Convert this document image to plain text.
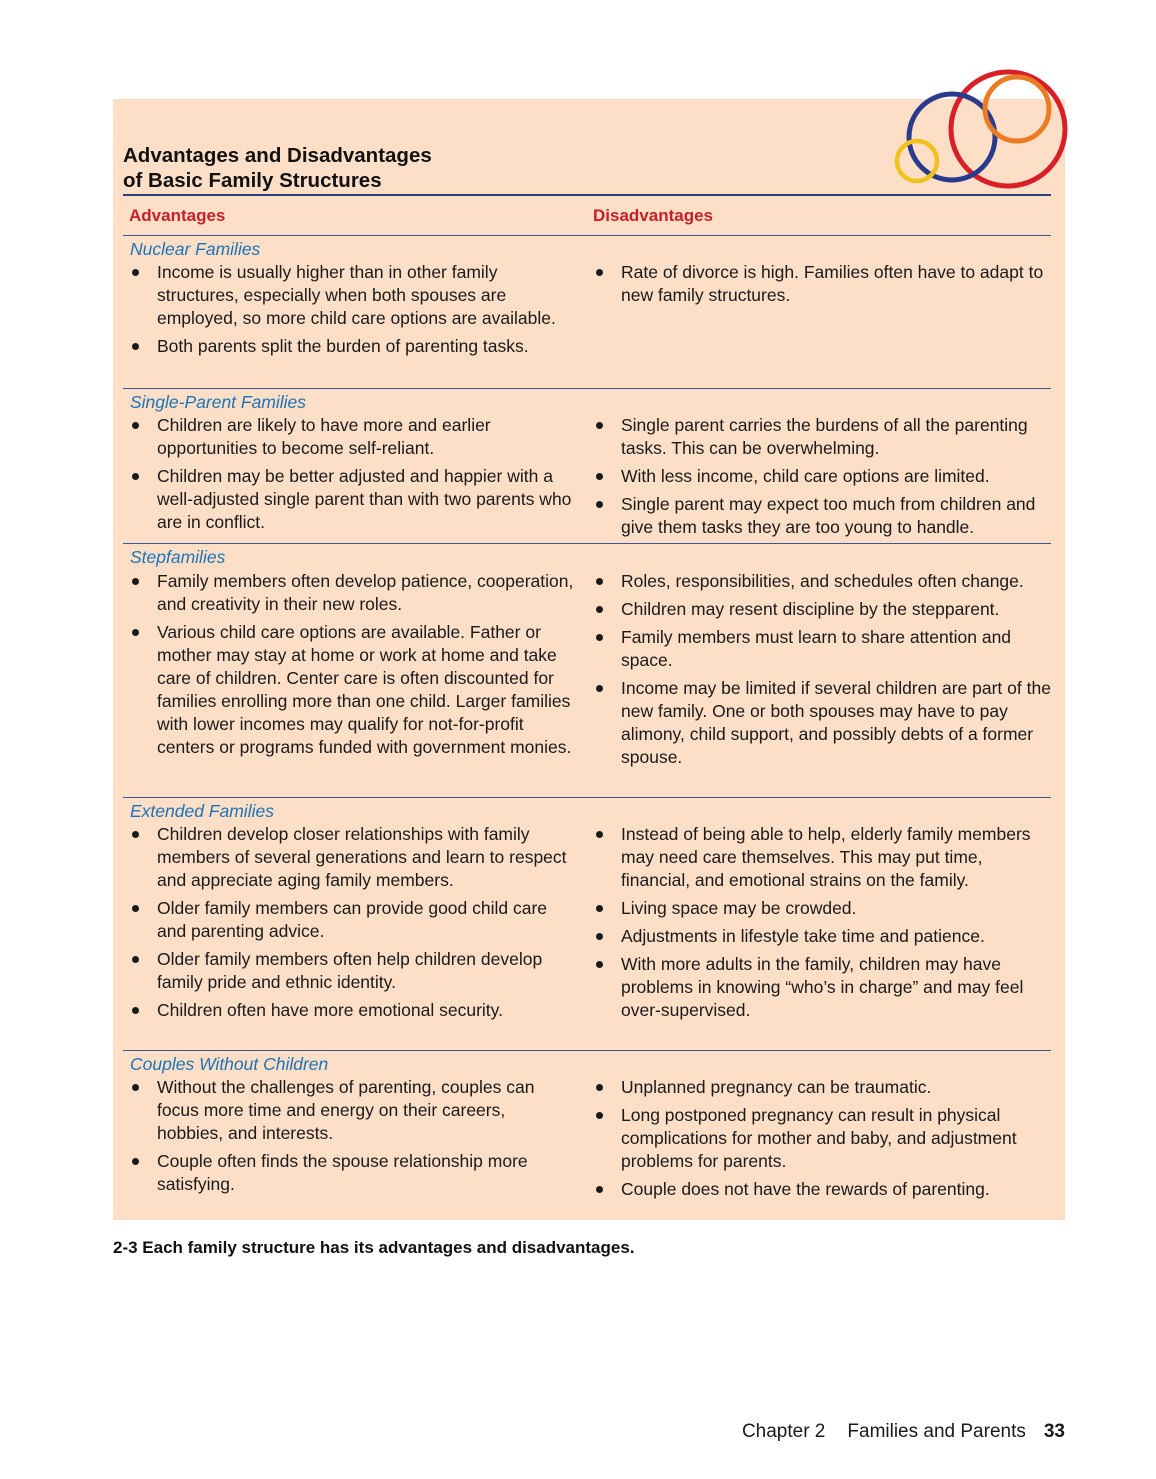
Advantages and Disadvantages
of Basic Family Structures
Advantages	Disadvantages
Nuclear Families
Income is usually higher than in other family structures, especially when both spouses are employed, so more child care options are available.
Both parents split the burden of parenting tasks.
Rate of divorce is high. Families often have to adapt to new family structures.
Single-Parent Families
Children are likely to have more and earlier opportunities to become self-reliant.
Children may be better adjusted and happier with a well-adjusted single parent than with two parents who are in conflict.
Single parent carries the burdens of all the parenting tasks. This can be overwhelming.
With less income, child care options are limited.
Single parent may expect too much from children and give them tasks they are too young to handle.
Stepfamilies
Family members often develop patience, cooperation, and creativity in their new roles.
Various child care options are available. Father or mother may stay at home or work at home and take care of children. Center care is often discounted for families enrolling more than one child. Larger families with lower incomes may qualify for not-for-profit centers or programs funded with government monies.
Roles, responsibilities, and schedules often change.
Children may resent discipline by the stepparent.
Family members must learn to share attention and space.
Income may be limited if several children are part of the new family. One or both spouses may have to pay alimony, child support, and possibly debts of a former spouse.
Extended Families
Children develop closer relationships with family members of several generations and learn to respect and appreciate aging family members.
Older family members can provide good child care and parenting advice.
Older family members often help children develop family pride and ethnic identity.
Children often have more emotional security.
Instead of being able to help, elderly family members may need care themselves. This may put time, financial, and emotional strains on the family.
Living space may be crowded.
Adjustments in lifestyle take time and patience.
With more adults in the family, children may have problems in knowing “who’s in charge” and may feel over-supervised.
Couples Without Children
Without the challenges of parenting, couples can focus more time and energy on their careers, hobbies, and interests.
Couple often finds the spouse relationship more satisfying.
Unplanned pregnancy can be traumatic.
Long postponed pregnancy can result in physical complications for mother and baby, and adjustment problems for parents.
Couple does not have the rewards of parenting.
2-3 Each family structure has its advantages and disadvantages.
Chapter 2 Families and Parents 33
